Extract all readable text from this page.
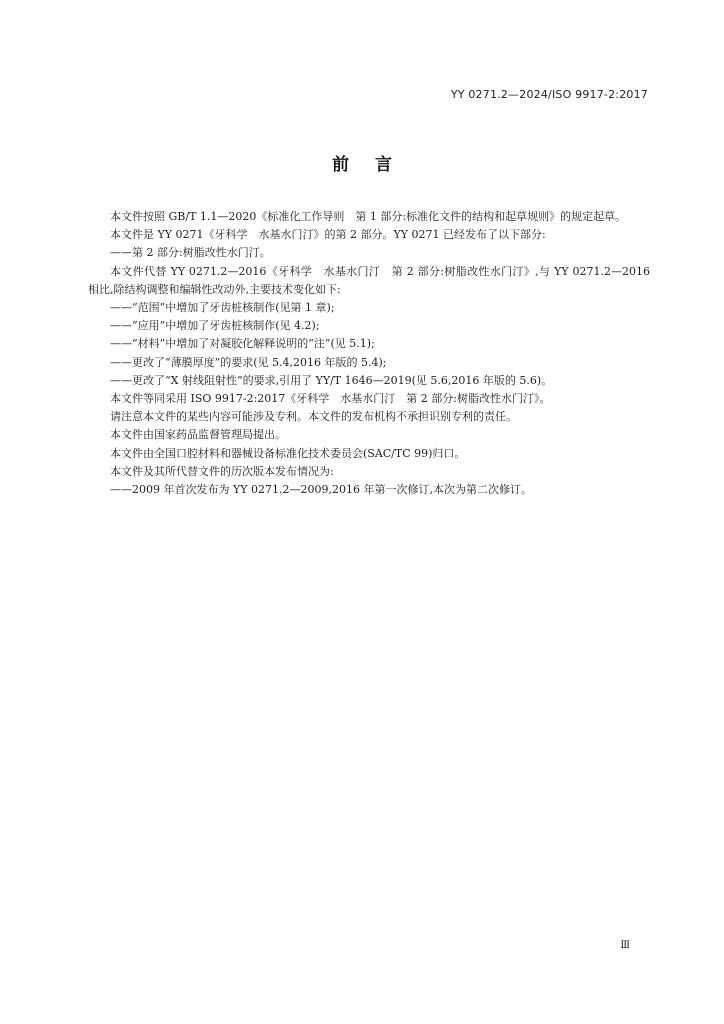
YY 0271.2—2024/ISO 9917-2:2017
前言

本文件按照 GB/T 1.1—2020《标准化工作导则　第 1 部分:标准化文件的结构和起草规则》的规定起草。

本文件是 YY 0271《牙科学　水基水门汀》的第 2 部分。YY 0271 已经发布了以下部分:

——第 2 部分:树脂改性水门汀。

本文件代替 YY 0271.2—2016《牙科学　水基水门汀　第 2 部分:树脂改性水门汀》,与 YY 0271.2—2016 相比,除结构调整和编辑性改动外,主要技术变化如下:

——“范围”中增加了牙齿桩核制作(见第 1 章);

——“应用”中增加了牙齿桩核制作(见 4.2);

——“材料”中增加了对凝胶化解释说明的“注”(见 5.1);

——更改了“薄膜厚度”的要求(见 5.4,2016 年版的 5.4);

——更改了“X 射线阻射性”的要求,引用了 YY/T 1646—2019(见 5.6,2016 年版的 5.6)。

本文件等同采用 ISO 9917-2:2017《牙科学　水基水门汀　第 2 部分:树脂改性水门汀》。

请注意本文件的某些内容可能涉及专利。本文件的发布机构不承担识别专利的责任。

本文件由国家药品监督管理局提出。

本文件由全国口腔材料和器械设备标准化技术委员会(SAC/TC 99)归口。

本文件及其所代替文件的历次版本发布情况为:

——2009 年首次发布为 YY 0271.2—2009,2016 年第一次修订,本次为第二次修订。

Ⅲ
